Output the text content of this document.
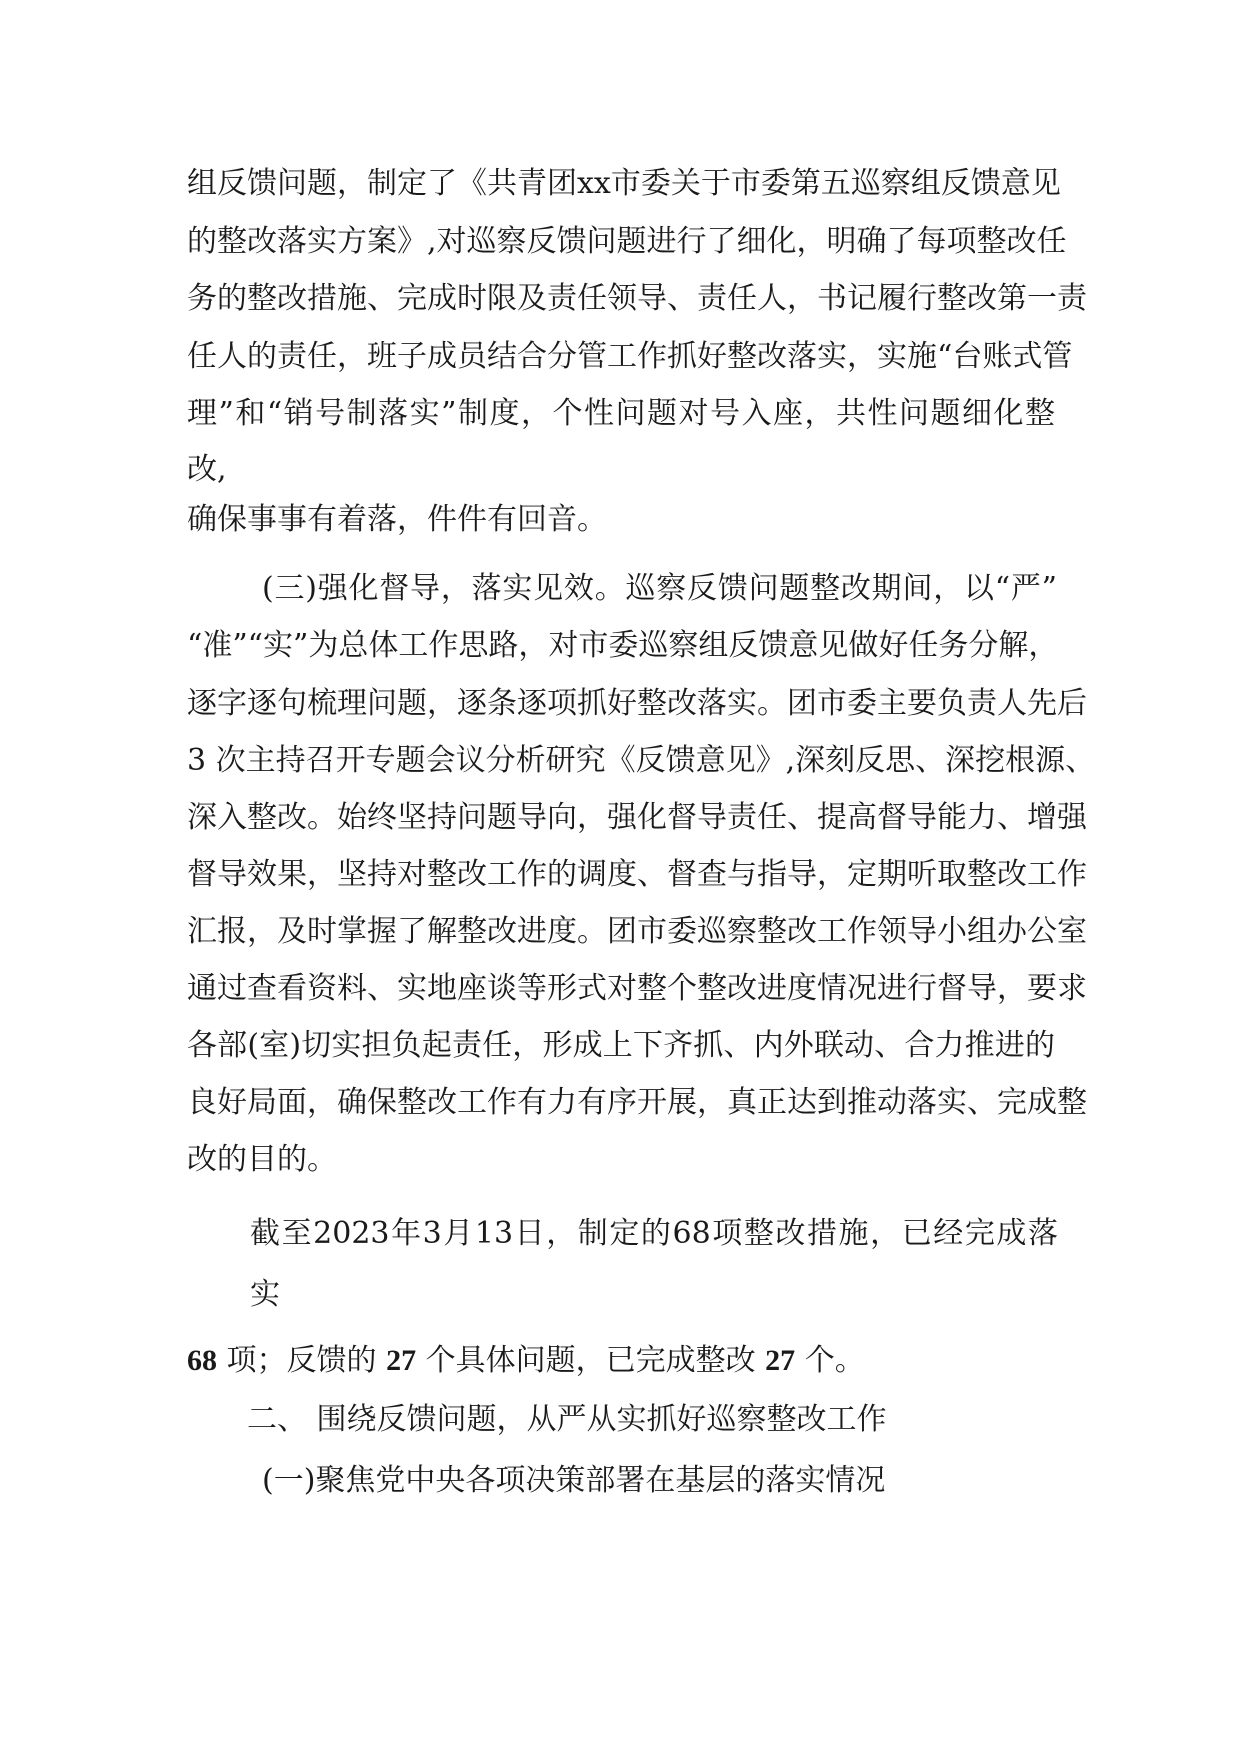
组反馈问题，制定了《共青团xx市委关于市委第五巡察组反馈意见
的整改落实方案》,对巡察反馈问题进行了细化，明确了每项整改任
务的整改措施、完成时限及责任领导、责任人，书记履行整改第一责
任人的责任，班子成员结合分管工作抓好整改落实，实施“台账式管
理”和“销号制落实”制度，个性问题对号入座，共性问题细化整
改,
确保事事有着落，件件有回音。
(三)强化督导，落实见效。巡察反馈问题整改期间，以“严”
“准”“实”为总体工作思路，对市委巡察组反馈意见做好任务分解，
逐字逐句梳理问题，逐条逐项抓好整改落实。团市委主要负责人先后
3 次主持召开专题会议分析研究《反馈意见》,深刻反思、深挖根源、
深入整改。始终坚持问题导向，强化督导责任、提高督导能力、增强
督导效果，坚持对整改工作的调度、督查与指导，定期听取整改工作
汇报，及时掌握了解整改进度。团市委巡察整改工作领导小组办公室
通过查看资料、实地座谈等形式对整个整改进度情况进行督导，要求
各部(室)切实担负起责任，形成上下齐抓、内外联动、合力推进的
良好局面，确保整改工作有力有序开展，真正达到推动落实、完成整
改的目的。
截至2023年3月13日，制定的68项整改措施，已经完成落
实
68 项；反馈的 27 个具体问题，已完成整改 27 个。
二、 围绕反馈问题，从严从实抓好巡察整改工作
(一)聚焦党中央各项决策部署在基层的落实情况
